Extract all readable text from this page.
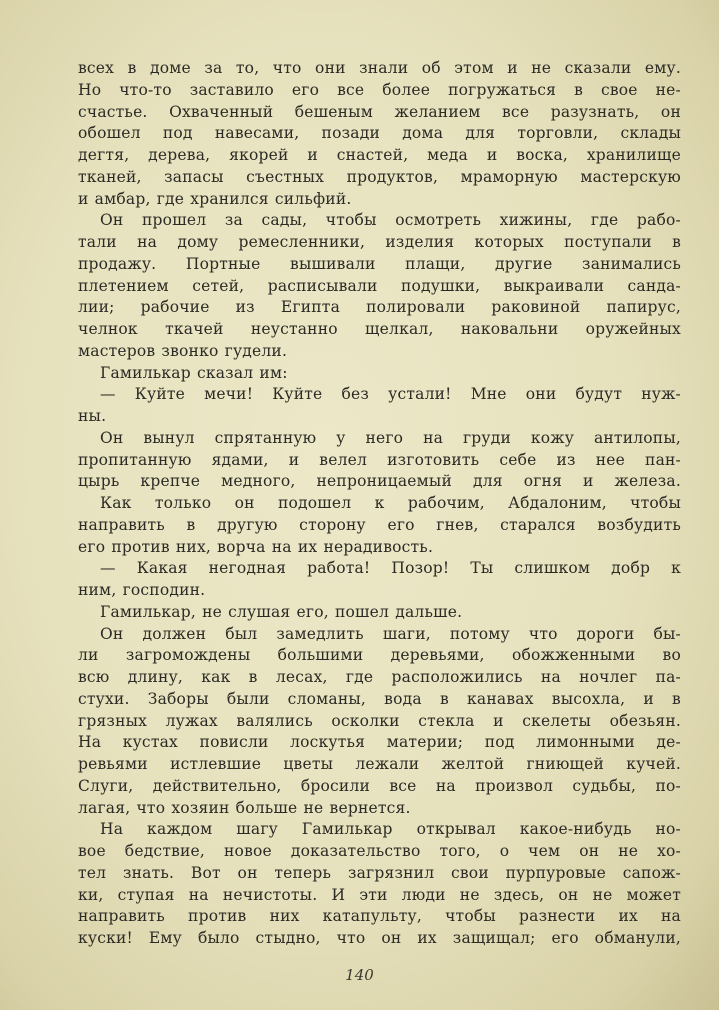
всех в доме за то, что они знали об этом и не сказали ему.
Но что-то заставило его все более погружаться в свое не-
счастье. Охваченный бешеным желанием все разузнать, он
обошел под навесами, позади дома для торговли, склады
дегтя, дерева, якорей и снастей, меда и воска, хранилище
тканей, запасы съестных продуктов, мраморную мастерскую
и амбар, где хранился сильфий.
Он прошел за сады, чтобы осмотреть хижины, где рабо-
тали на дому ремесленники, изделия которых поступали в
продажу. Портные вышивали плащи, другие занимались
плетением сетей, расписывали подушки, выкраивали санда-
лии; рабочие из Египта полировали раковиной папирус,
челнок ткачей неустанно щелкал, наковальни оружейных
мастеров звонко гудели.
Гамилькар сказал им:
— Куйте мечи! Куйте без устали! Мне они будут нуж-
ны.
Он вынул спрятанную у него на груди кожу антилопы,
пропитанную ядами, и велел изготовить себе из нее пан-
цырь крепче медного, непроницаемый для огня и железа.
Как только он подошел к рабочим, Абдалоним, чтобы
направить в другую сторону его гнев, старался возбудить
его против них, ворча на их нерадивость.
— Какая негодная работа! Позор! Ты слишком добр к
ним, господин.
Гамилькар, не слушая его, пошел дальше.
Он должен был замедлить шаги, потому что дороги бы-
ли загромождены большими деревьями, обожженными во
всю длину, как в лесах, где расположились на ночлег па-
стухи. Заборы были сломаны, вода в канавах высохла, и в
грязных лужах валялись осколки стекла и скелеты обезьян.
На кустах повисли лоскутья материи; под лимонными де-
ревьями истлевшие цветы лежали желтой гниющей кучей.
Слуги, действительно, бросили все на произвол судьбы, по-
лагая, что хозяин больше не вернется.
На каждом шагу Гамилькар открывал какое-нибудь но-
вое бедствие, новое доказательство того, о чем он не хо-
тел знать. Вот он теперь загрязнил свои пурпуровые сапож-
ки, ступая на нечистоты. И эти люди не здесь, он не может
направить против них катапульту, чтобы разнести их на
куски! Ему было стыдно, что он их защищал; его обманули,
140
